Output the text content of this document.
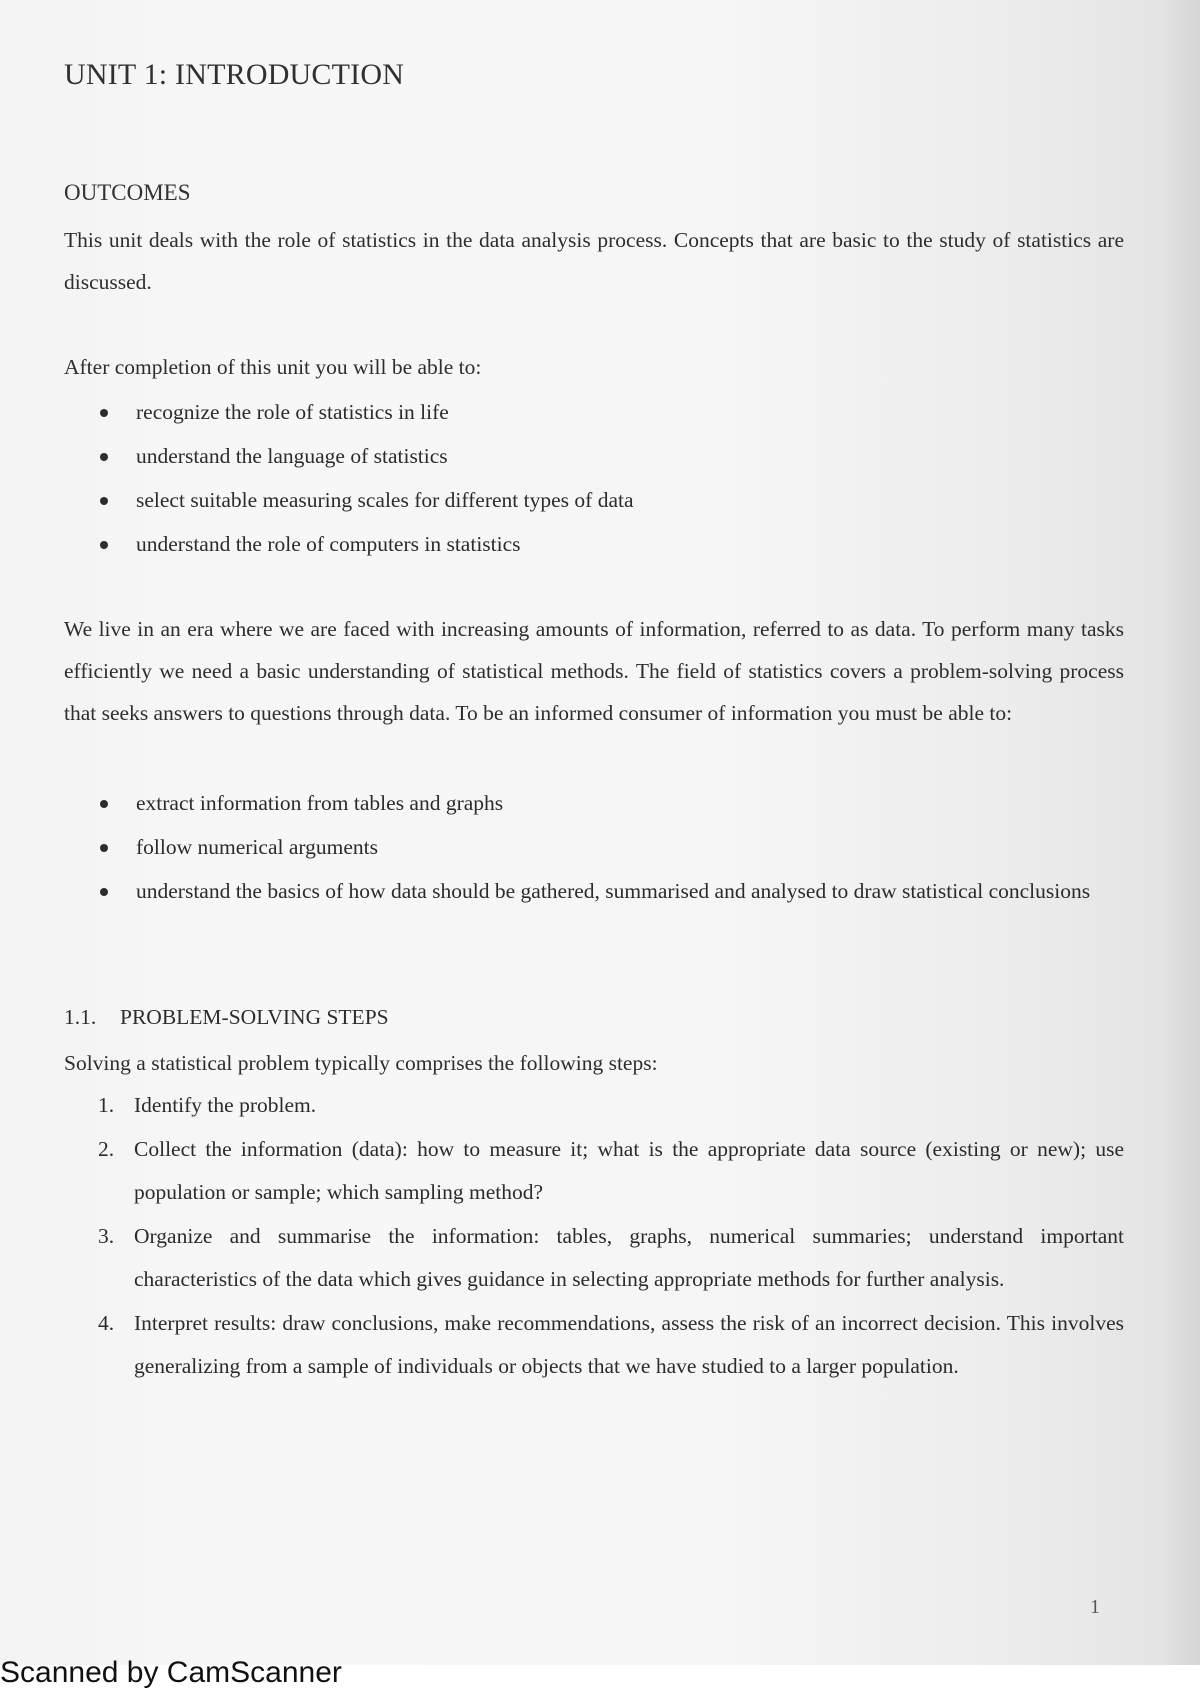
UNIT 1: INTRODUCTION
OUTCOMES

This unit deals with the role of statistics in the data analysis process. Concepts that are basic to the study of statistics are discussed.

After completion of this unit you will be able to:

recognize the role of statistics in life
understand the language of statistics
select suitable measuring scales for different types of data
understand the role of computers in statistics

We live in an era where we are faced with increasing amounts of information, referred to as data. To perform many tasks efficiently we need a basic understanding of statistical methods. The field of statistics covers a problem-solving process that seeks answers to questions through data. To be an informed consumer of information you must be able to:

extract information from tables and graphs
follow numerical arguments
understand the basics of how data should be gathered, summarised and analysed to draw statistical conclusions
1.1. PROBLEM-SOLVING STEPS

Solving a statistical problem typically comprises the following steps:

1. Identify the problem.
2. Collect the information (data): how to measure it; what is the appropriate data source (existing or new); use population or sample; which sampling method?
3. Organize and summarise the information: tables, graphs, numerical summaries; understand important characteristics of the data which gives guidance in selecting appropriate methods for further analysis.
4. Interpret results: draw conclusions, make recommendations, assess the risk of an incorrect decision. This involves generalizing from a sample of individuals or objects that we have studied to a larger population.
1
Scanned by CamScanner
